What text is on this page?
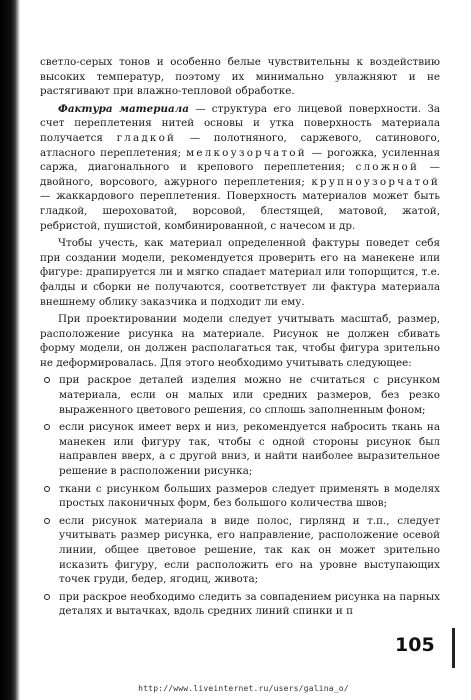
светло-серых тонов и особенно белые чувствительны к воздействию высоких температур, поэтому их минимально увлажняют и не растягивают при влажно-тепловой обработке.

Фактура материала — структура его лицевой поверхности. За счет переплетения нитей основы и утка поверхность материала получается гладкой — полотняного, саржевого, сатинового, атласного переплетения; мелкоузорчатой — рогожка, усиленная саржа, диагонального и крепового переплетения; сложной — двойного, ворсового, ажурного переплетения; крупноузорчатой — жаккардового переплетения. Поверхность материалов может быть гладкой, шероховатой, ворсовой, блестящей, матовой, жатой, ребристой, пушистой, комбинированной, с начесом и др.

Чтобы учесть, как материал определенной фактуры поведет себя при создании модели, рекомендуется проверить его на манекене или фигуре: драпируется ли и мягко спадает материал или топорщится, т.е. фалды и сборки не получаются, соответствует ли фактура материала внешнему облику заказчика и подходит ли ему.

При проектировании модели следует учитывать масштаб, размер, расположение рисунка на материале. Рисунок не должен сбивать форму модели, он должен располагаться так, чтобы фигура зрительно не деформировалась. Для этого необходимо учитывать следующее:

при раскрое деталей изделия можно не считаться с рисунком материала, если он малых или средних размеров, без резко выраженного цветового решения, со сплошь заполненным фоном;
если рисунок имеет верх и низ, рекомендуется набросить ткань на манекен или фигуру так, чтобы с одной стороны рисунок был направлен вверх, а с другой вниз, и найти наиболее выразительное решение в расположении рисунка;
ткани с рисунком больших размеров следует применять в моделях простых лаконичных форм, без большого количества швов;
если рисунок материала в виде полос, гирлянд и т.п., следует учитывать размер рисунка, его направление, расположение осевой линии, общее цветовое решение, так как он может зрительно исказить фигуру, если расположить его на уровне выступающих точек груди, бедер, ягодиц, живота;
при раскрое необходимо следить за совпадением рисунка на парных деталях и вытачках, вдоль средних линий спинки и п
105
http://www.liveinternet.ru/users/galina_o/
